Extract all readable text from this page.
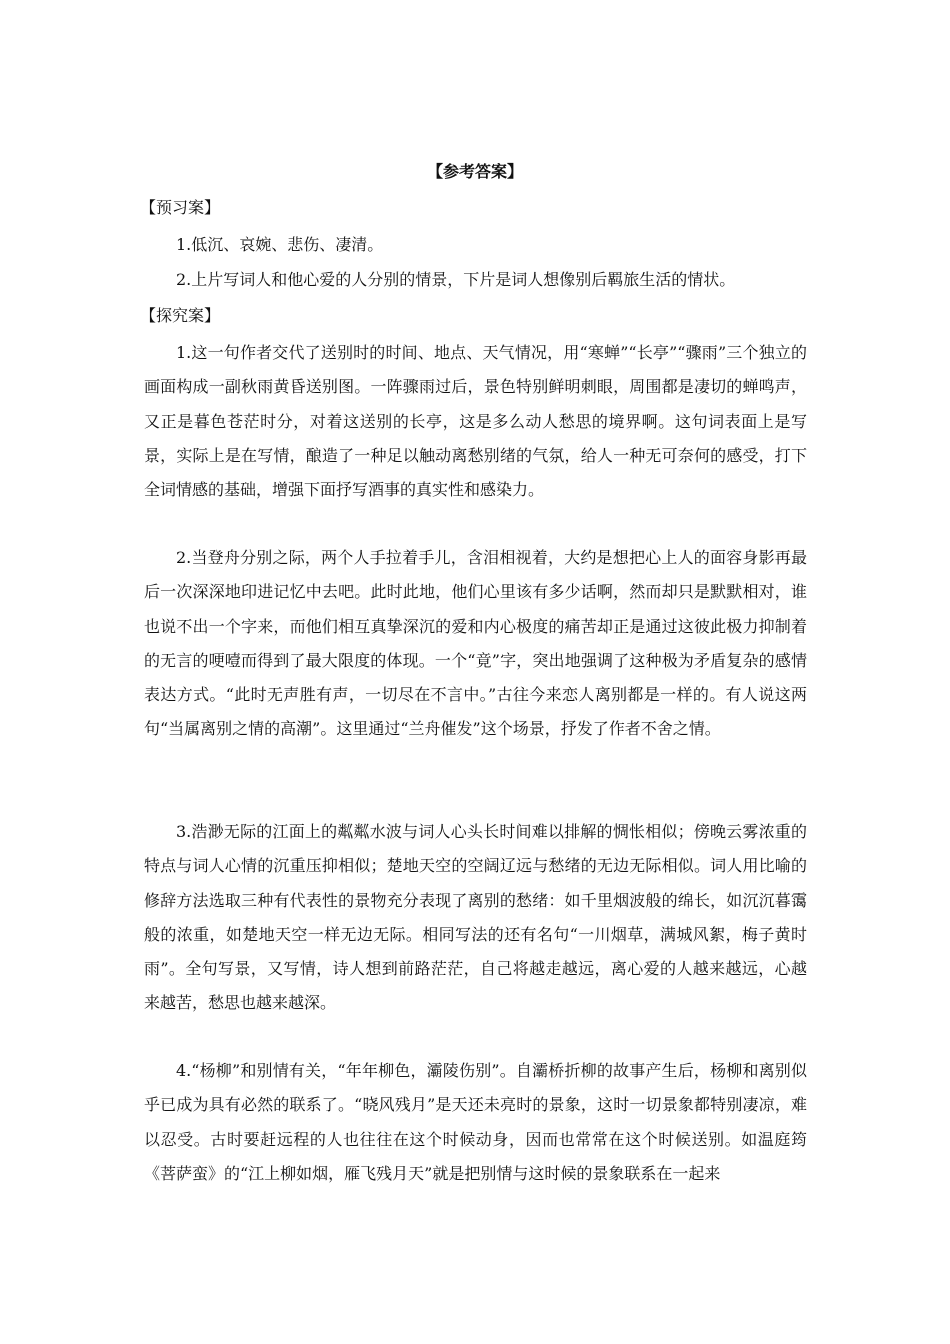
【参考答案】
【预习案】

1.低沉、哀婉、悲伤、凄清。

2.上片写词人和他心爱的人分别的情景，下片是词人想像别后羁旅生活的情状。

【探究案】

1.这一句作者交代了送别时的时间、地点、天气情况，用“寒蝉”“长亭”“骤雨”三个独立的画面构成一副秋雨黄昏送别图。一阵骤雨过后，景色特别鲜明刺眼，周围都是凄切的蝉鸣声，又正是暮色苍茫时分，对着这送别的长亭，这是多么动人愁思的境界啊。这句词表面上是写景，实际上是在写情，酿造了一种足以触动离愁别绪的气氛，给人一种无可奈何的感受，打下全词情感的基础，增强下面抒写酒事的真实性和感染力。

2.当登舟分别之际，两个人手拉着手儿，含泪相视着，大约是想把心上人的面容身影再最后一次深深地印进记忆中去吧。此时此地，他们心里该有多少话啊，然而却只是默默相对，谁也说不出一个字来，而他们相互真挚深沉的爱和内心极度的痛苦却正是通过这彼此极力抑制着的无言的哽噎而得到了最大限度的体现。一个“竟”字，突出地强调了这种极为矛盾复杂的感情表达方式。“此时无声胜有声，一切尽在不言中。”古往今来恋人离别都是一样的。有人说这两句“当属离别之情的高潮”。这里通过“兰舟催发”这个场景，抒发了作者不舍之情。

3.浩渺无际的江面上的粼粼水波与词人心头长时间难以排解的惆怅相似；傍晚云雾浓重的特点与词人心情的沉重压抑相似；楚地天空的空阔辽远与愁绪的无边无际相似。词人用比喻的修辞方法选取三种有代表性的景物充分表现了离别的愁绪：如千里烟波般的绵长，如沉沉暮霭般的浓重，如楚地天空一样无边无际。相同写法的还有名句“一川烟草，满城风絮，梅子黄时雨”。全句写景，又写情，诗人想到前路茫茫，自己将越走越远，离心爱的人越来越远，心越来越苦，愁思也越来越深。

4.“杨柳”和别情有关，“年年柳色，灞陵伤别”。自灞桥折柳的故事产生后，杨柳和离别似乎已成为具有必然的联系了。“晓风残月”是天还未亮时的景象，这时一切景象都特别凄凉，难以忍受。古时要赶远程的人也往往在这个时候动身，因而也常常在这个时候送别。如温庭筠《菩萨蛮》的“江上柳如烟，雁飞残月天”就是把别情与这时候的景象联系在一起来
